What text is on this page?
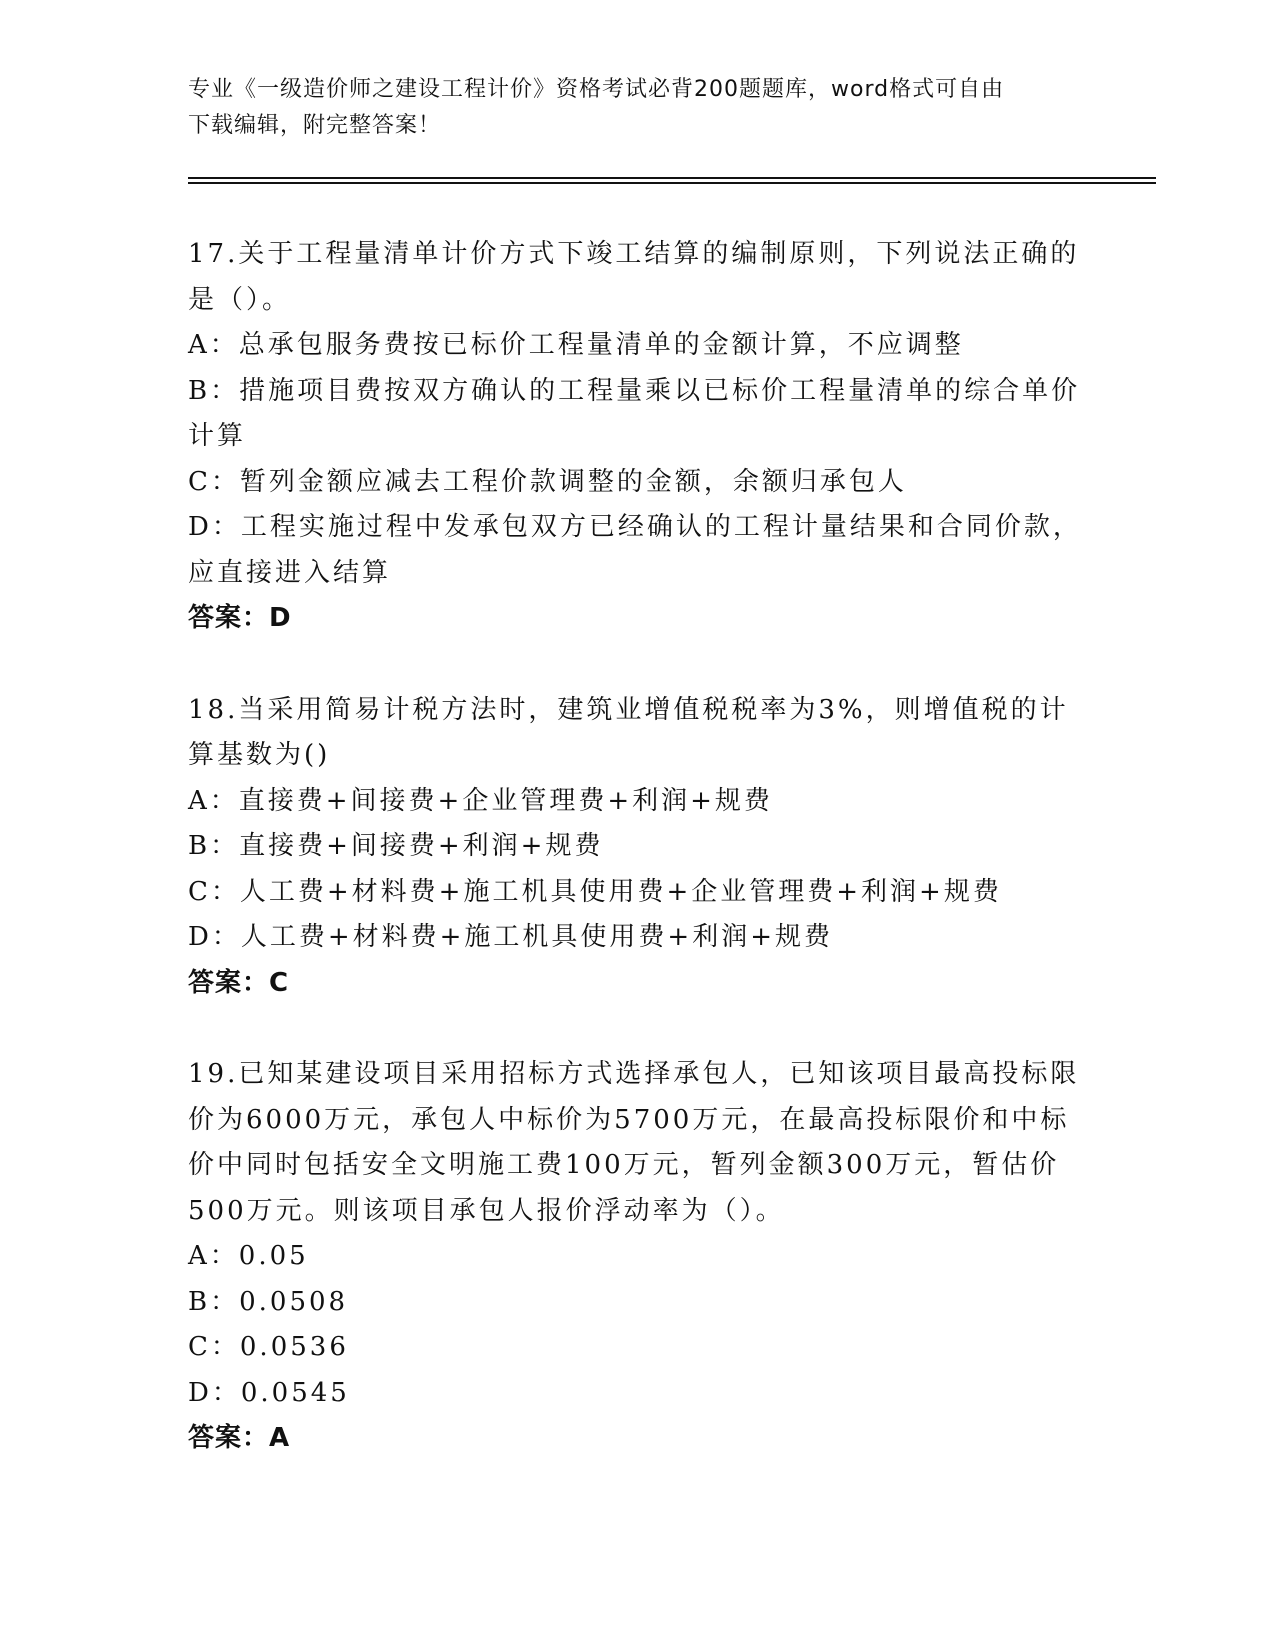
专业《一级造价师之建设工程计价》资格考试必背200题题库，word格式可自由
下载编辑，附完整答案！
17.关于工程量清单计价方式下竣工结算的编制原则，下列说法正确的
是（）。
A：总承包服务费按已标价工程量清单的金额计算，不应调整
B：措施项目费按双方确认的工程量乘以已标价工程量清单的综合单价
计算
C：暂列金额应减去工程价款调整的金额，余额归承包人
D：工程实施过程中发承包双方已经确认的工程计量结果和合同价款，
应直接进入结算
答案：D
18.当采用简易计税方法时，建筑业增值税税率为3%，则增值税的计
算基数为()
A：直接费+间接费+企业管理费+利润+规费
B：直接费+间接费+利润+规费
C：人工费+材料费+施工机具使用费+企业管理费+利润+规费
D：人工费+材料费+施工机具使用费+利润+规费
答案：C
19.已知某建设项目采用招标方式选择承包人，已知该项目最高投标限
价为6000万元，承包人中标价为5700万元，在最高投标限价和中标
价中同时包括安全文明施工费100万元，暂列金额300万元，暂估价
500万元。则该项目承包人报价浮动率为（）。
A：0.05
B：0.0508
C：0.0536
D：0.0545
答案：A
